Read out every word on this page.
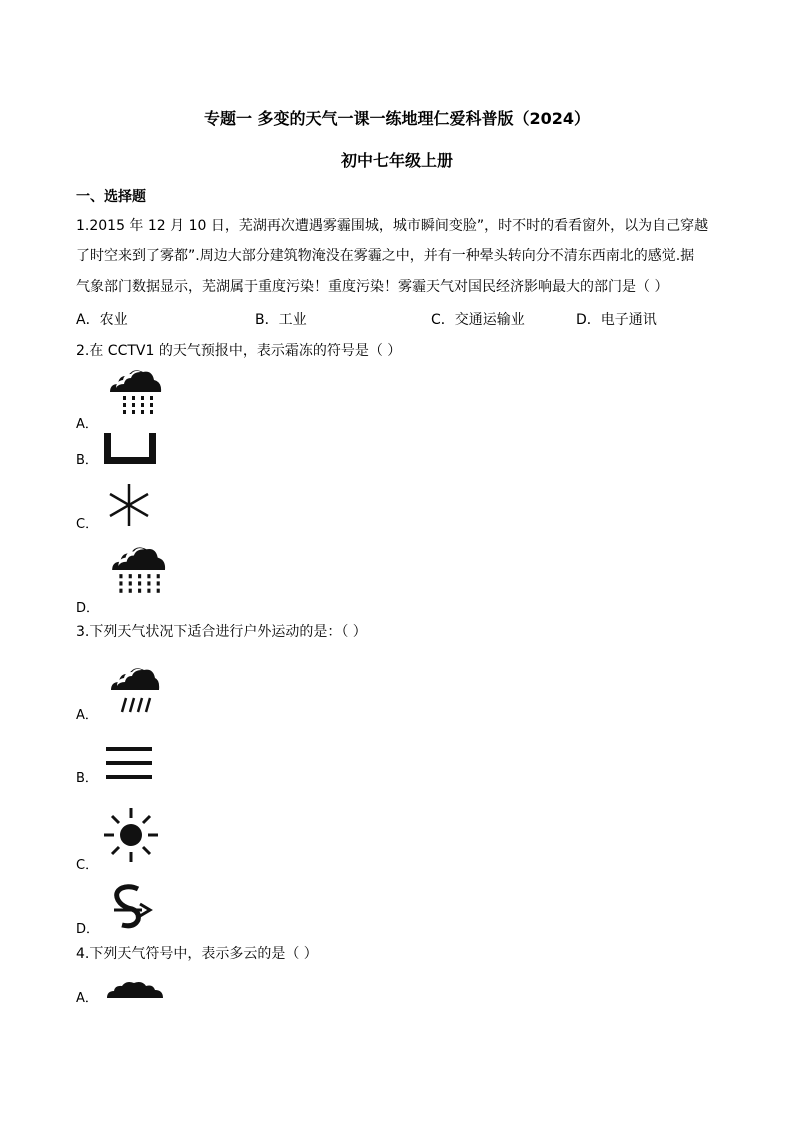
专题一 多变的天气一课一练地理仁爱科普版（2024）
初中七年级上册
一、选择题
1.2015 年 12 月 10 日，芜湖再次遭遇雾霾围城，城市瞬间变脸”，时不时的看看窗外，以为自己穿越
了时空来到了雾都”.周边大部分建筑物淹没在雾霾之中，并有一种晕头转向分不清东西南北的感觉.据
气象部门数据显示，芜湖属于重度污染！重度污染！雾霾天气对国民经济影响最大的部门是（ ）
A．农业	B．工业	C．交通运输业	D．电子通讯
2.在 CCTV1 的天气预报中，表示霜冻的符号是（ ）
A．
B．
C．
D．
3.下列天气状况下适合进行户外运动的是：（ ）
A．
B．
C．
D．
4.下列天气符号中，表示多云的是（ ）
A．
